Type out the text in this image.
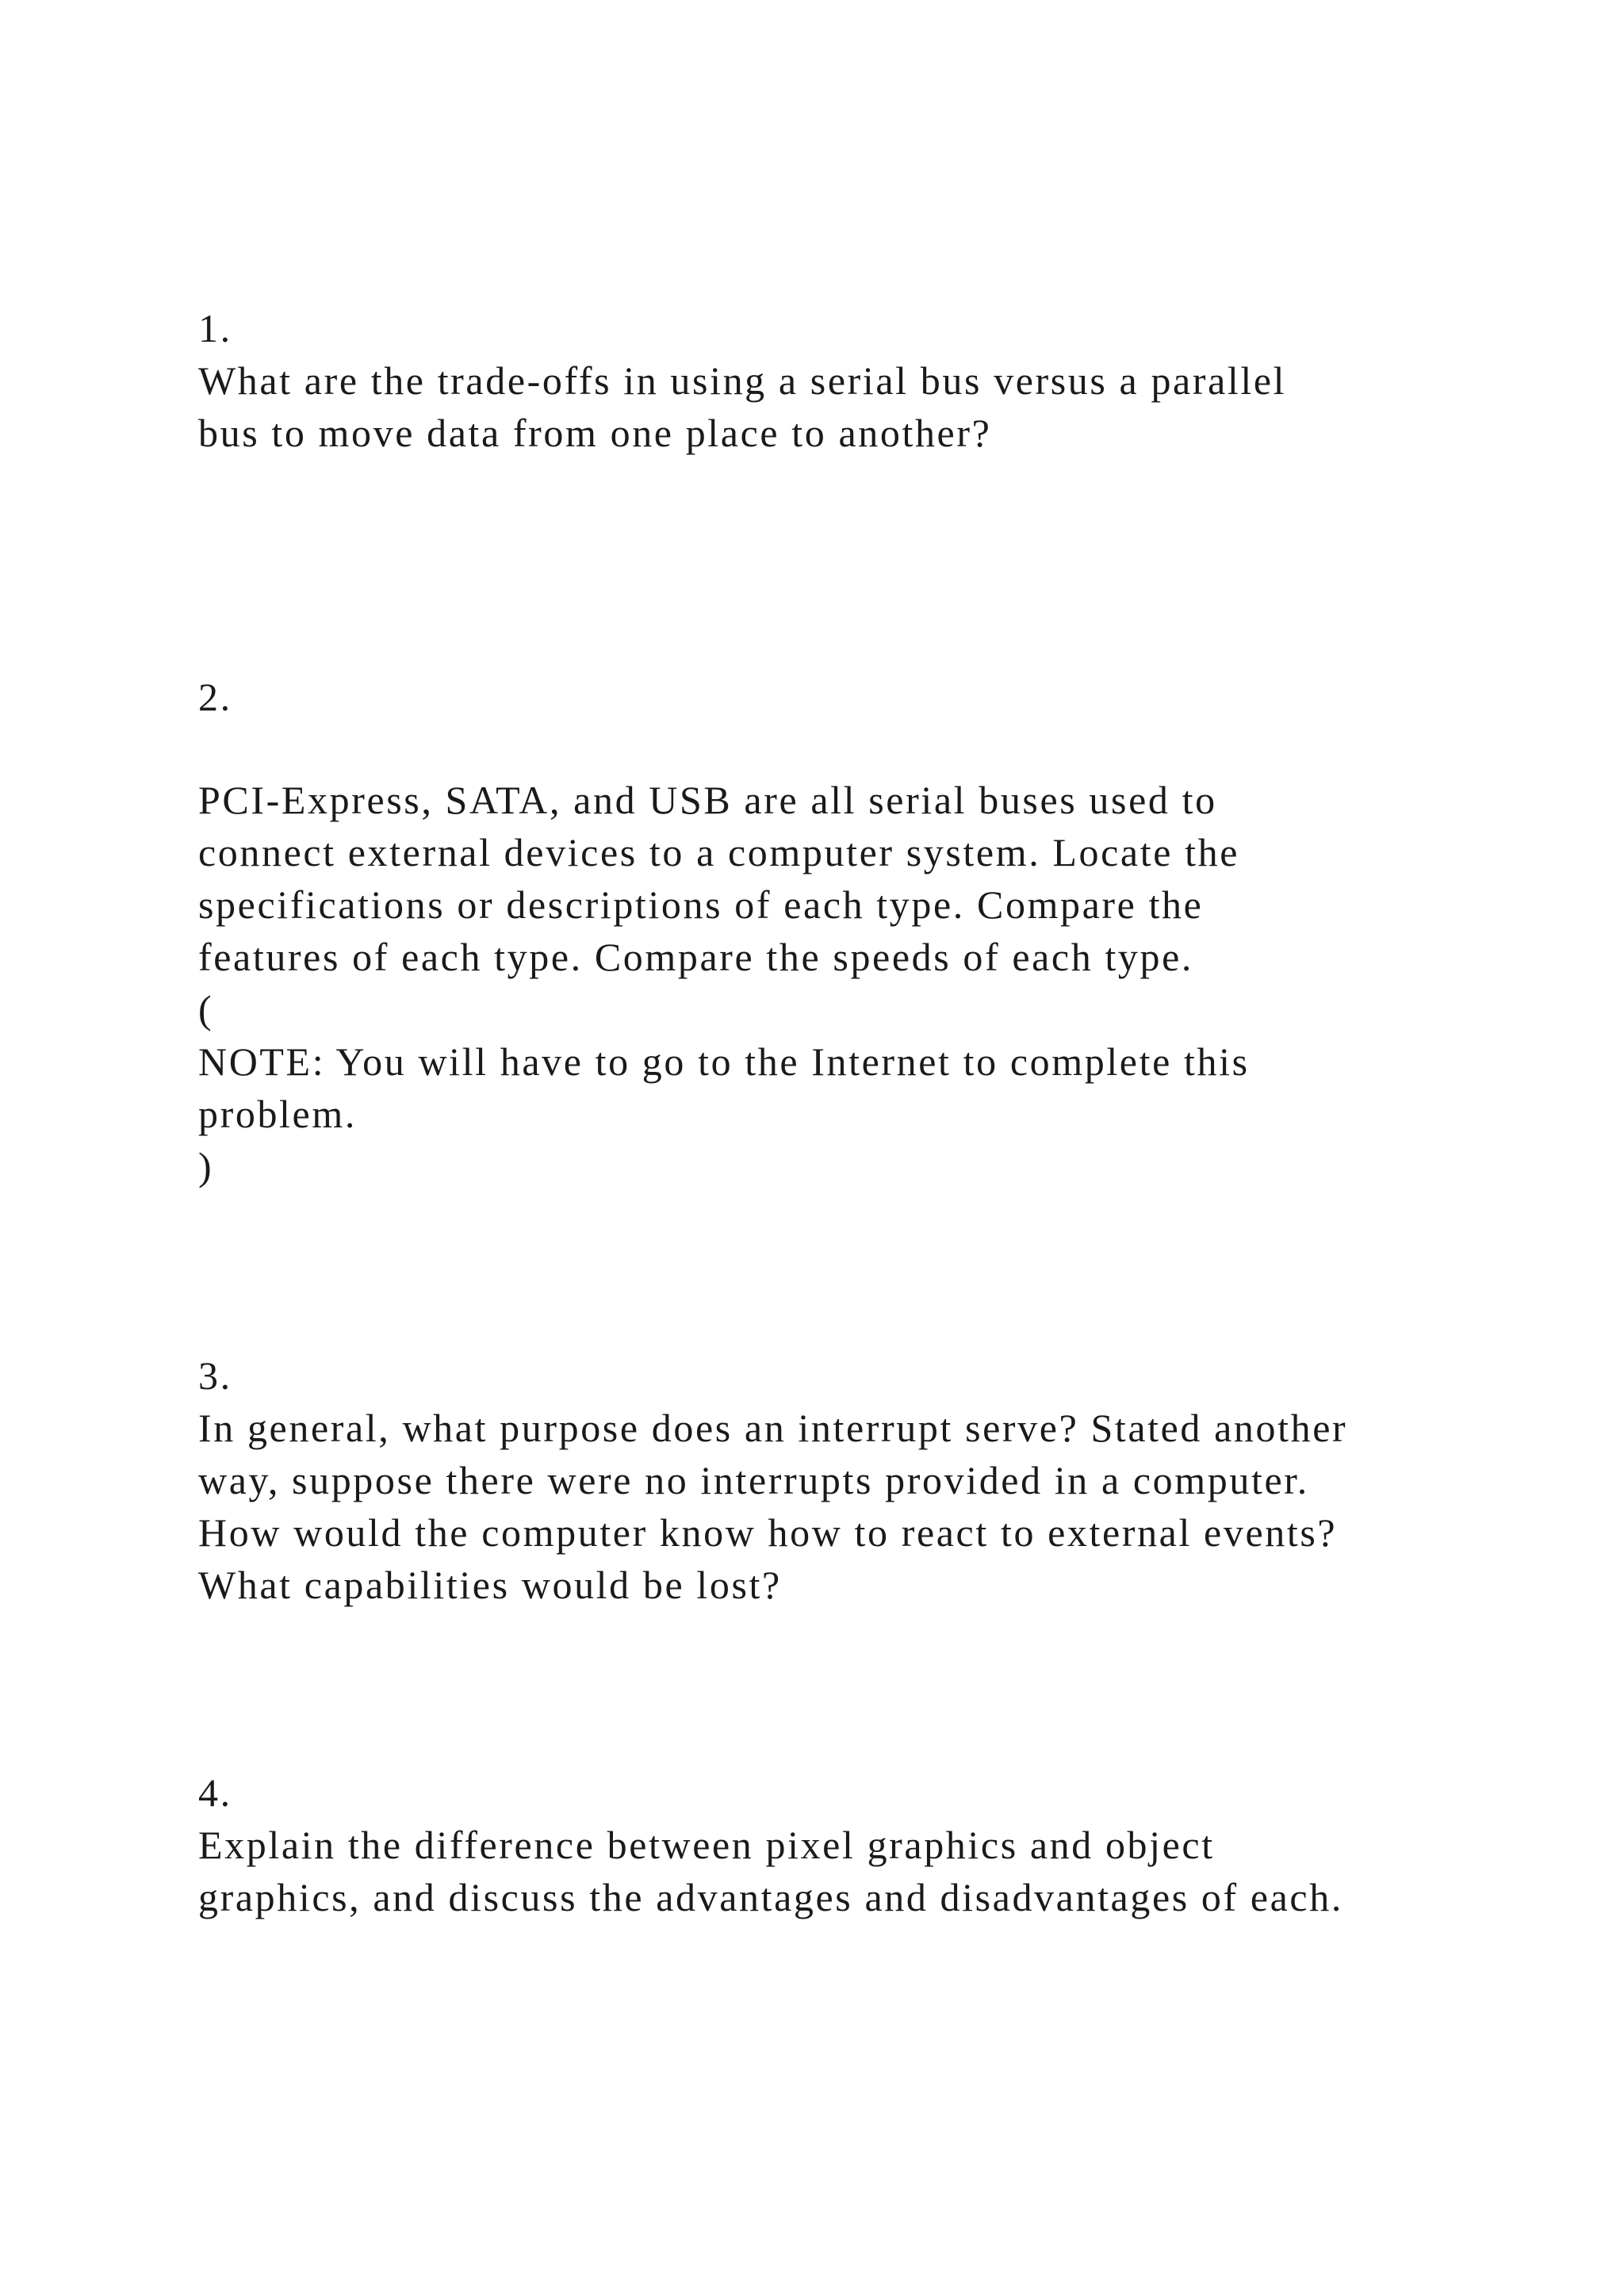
1.

What are the trade-offs in using a serial bus versus a parallel

bus to move data from one place to another?

2.

PCI-Express, SATA, and USB are all serial buses used to

connect external devices to a computer system. Locate the

specifications or descriptions of each type. Compare the

features of each type. Compare the speeds of each type.

(

NOTE: You will have to go to the Internet to complete this

problem.

)

3.

In general, what purpose does an interrupt serve? Stated another

way, suppose there were no interrupts provided in a computer.

How would the computer know how to react to external events?

What capabilities would be lost?

4.

Explain the difference between pixel graphics and object

graphics, and discuss the advantages and disadvantages of each.
